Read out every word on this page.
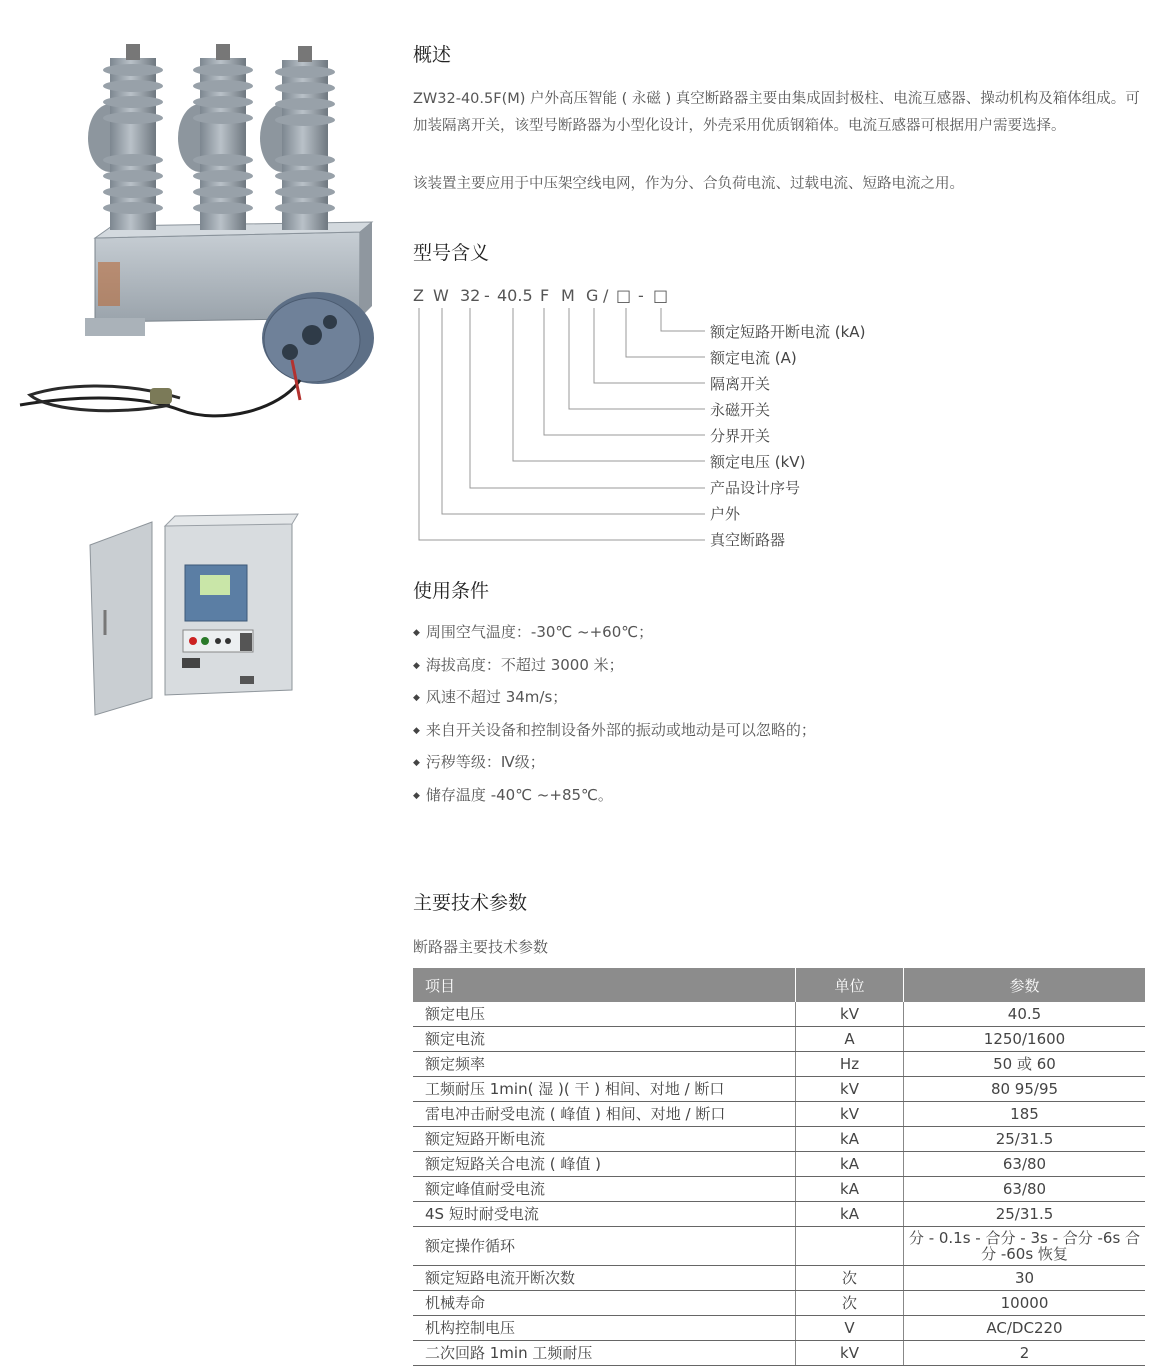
概述

ZW32-40.5F(M) 户外高压智能 ( 永磁 ) 真空断路器主要由集成固封极柱、电流互感器、操动机构及箱体组成。可加装隔离开关，该型号断路器为小型化设计，外壳采用优质钢箱体。电流互感器可根据用户需要选择。

该装置主要应用于中压架空线电网，作为分、合负荷电流、过载电流、短路电流之用。

型号含义
Z W 32 - 40.5 F M G / □ - □
额定短路开断电流 (kA)
额定电流 (A)
隔离开关
永磁开关
分界开关
额定电压 (kV)
产品设计序号
户外
真空断路器
使用条件
◆ 周围空气温度：-30℃ ~+60℃；
◆ 海拔高度：不超过 3000 米；
◆ 风速不超过 34m/s；
◆ 来自开关设备和控制设备外部的振动或地动是可以忽略的；
◆ 污秽等级：Ⅳ级；
◆ 储存温度 -40℃ ~+85℃。
主要技术参数
断路器主要技术参数
项目	单位	参数
额定电压	kV	40.5
额定电流	A	1250/1600
额定频率	Hz	50 或 60
工频耐压 1min( 湿 )( 干 ) 相间、对地 / 断口	kV	80 95/95
雷电冲击耐受电流 ( 峰值 ) 相间、对地 / 断口	kV	185
额定短路开断电流	kA	25/31.5
额定短路关合电流 ( 峰值 )	kA	63/80
额定峰值耐受电流	kA	63/80
4S 短时耐受电流	kA	25/31.5
额定操作循环		分 - 0.1s - 合分 - 3s - 合分 -6s 合分 -60s 恢复
额定短路电流开断次数	次	30
机械寿命	次	10000
机构控制电压	V	AC/DC220
二次回路 1min 工频耐压	kV	2
